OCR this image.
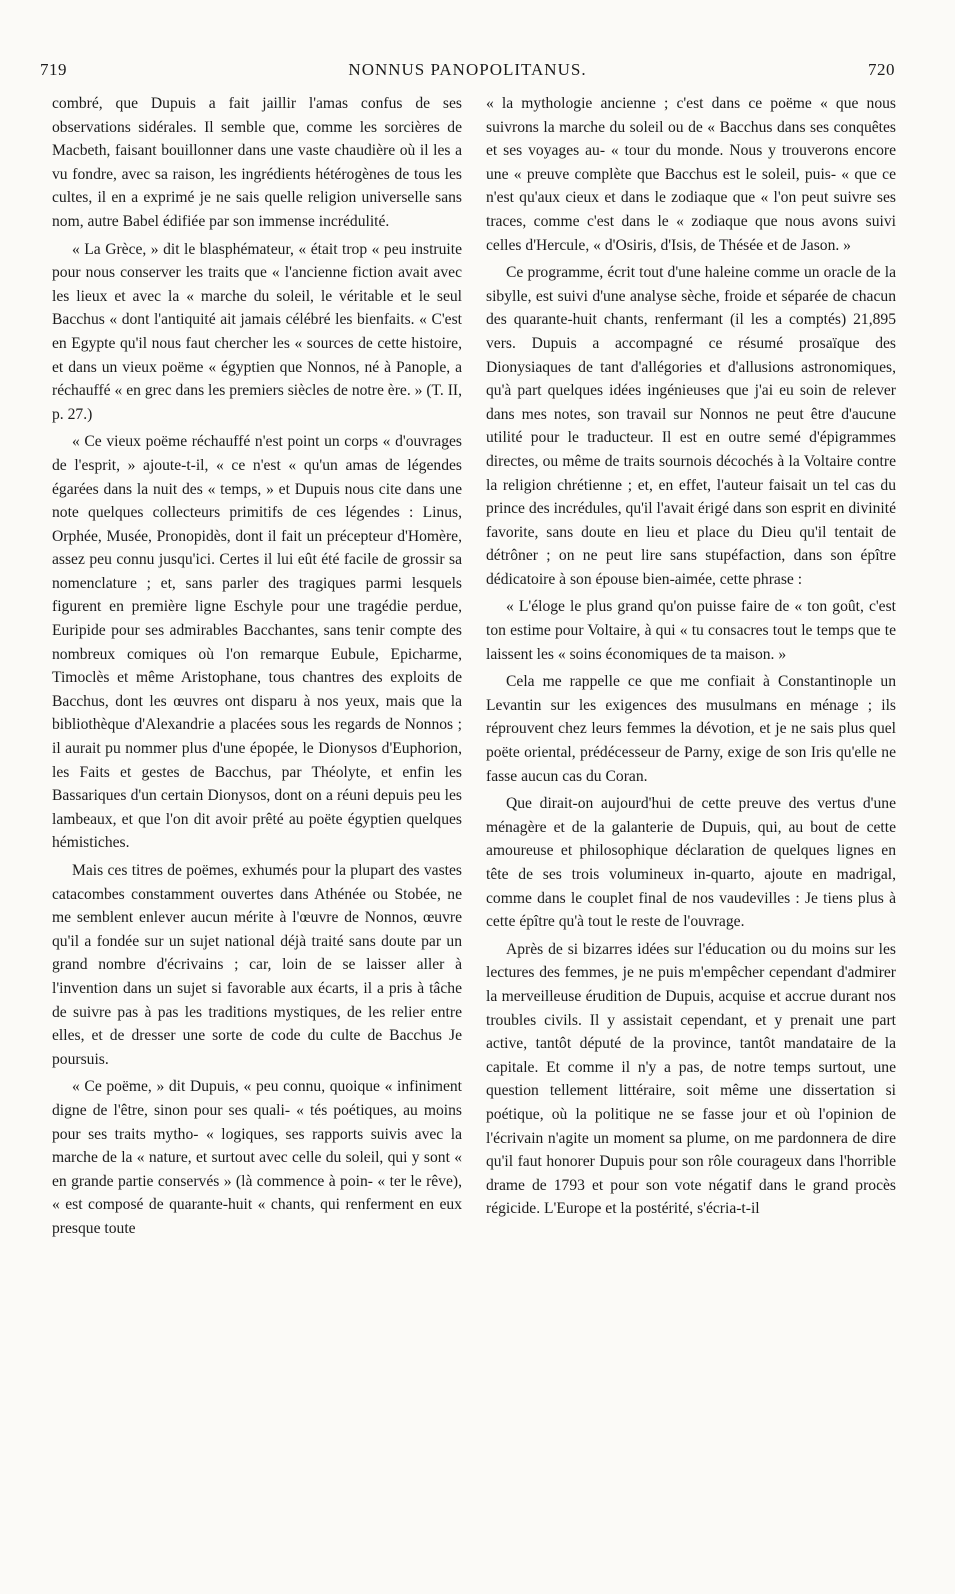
719	NONNUS PANOPOLITANUS.	720

combré, que Dupuis a fait jaillir l'amas confus de ses observations sidérales. Il semble que, comme les sorcières de Macbeth, faisant bouillonner dans une vaste chaudière où il les a vu fondre, avec sa raison, les ingrédients hétérogènes de tous les cultes, il en a exprimé je ne sais quelle religion universelle sans nom, autre Babel édifiée par son immense incrédulité.

« La Grèce, » dit le blasphémateur, « était trop « peu instruite pour nous conserver les traits que « l'ancienne fiction avait avec les lieux et avec la « marche du soleil, le véritable et le seul Bacchus « dont l'antiquité ait jamais célébré les bienfaits. « C'est en Egypte qu'il nous faut chercher les « sources de cette histoire, et dans un vieux poëme « égyptien que Nonnos, né à Panople, a réchauffé « en grec dans les premiers siècles de notre ère. » (T. II, p. 27.)

« Ce vieux poëme réchauffé n'est point un corps « d'ouvrages de l'esprit, » ajoute-t-il, « ce n'est « qu'un amas de légendes égarées dans la nuit des « temps, » et Dupuis nous cite dans une note quelques collecteurs primitifs de ces légendes : Linus, Orphée, Musée, Pronopidès, dont il fait un précepteur d'Homère, assez peu connu jusqu'ici. Certes il lui eût été facile de grossir sa nomenclature ; et, sans parler des tragiques parmi lesquels figurent en première ligne Eschyle pour une tragédie perdue, Euripide pour ses admirables Bacchantes, sans tenir compte des nombreux comiques où l'on remarque Eubule, Epicharme, Timoclès et même Aristophane, tous chantres des exploits de Bacchus, dont les œuvres ont disparu à nos yeux, mais que la bibliothèque d'Alexandrie a placées sous les regards de Nonnos ; il aurait pu nommer plus d'une épopée, le Dionysos d'Euphorion, les Faits et gestes de Bacchus, par Théolyte, et enfin les Bassariques d'un certain Dionysos, dont on a réuni depuis peu les lambeaux, et que l'on dit avoir prêté au poëte égyptien quelques hémistiches.

Mais ces titres de poëmes, exhumés pour la plupart des vastes catacombes constamment ouvertes dans Athénée ou Stobée, ne me semblent enlever aucun mérite à l'œuvre de Nonnos, œuvre qu'il a fondée sur un sujet national déjà traité sans doute par un grand nombre d'écrivains ; car, loin de se laisser aller à l'invention dans un sujet si favorable aux écarts, il a pris à tâche de suivre pas à pas les traditions mystiques, de les relier entre elles, et de dresser une sorte de code du culte de Bacchus Je poursuis.

« Ce poëme, » dit Dupuis, « peu connu, quoique « infiniment digne de l'être, sinon pour ses quali- « tés poétiques, au moins pour ses traits mytho- « logiques, ses rapports suivis avec la marche de la « nature, et surtout avec celle du soleil, qui y sont « en grande partie conservés » (là commence à poin- « ter le rêve), « est composé de quarante-huit « chants, qui renferment en eux presque toute

« la mythologie ancienne ; c'est dans ce poëme « que nous suivrons la marche du soleil ou de « Bacchus dans ses conquêtes et ses voyages au- « tour du monde. Nous y trouverons encore une « preuve complète que Bacchus est le soleil, puis- « que ce n'est qu'aux cieux et dans le zodiaque que « l'on peut suivre ses traces, comme c'est dans le « zodiaque que nous avons suivi celles d'Hercule, « d'Osiris, d'Isis, de Thésée et de Jason. »

Ce programme, écrit tout d'une haleine comme un oracle de la sibylle, est suivi d'une analyse sèche, froide et séparée de chacun des quarante-huit chants, renfermant (il les a comptés) 21,895 vers. Dupuis a accompagné ce résumé prosaïque des Dionysiaques de tant d'allégories et d'allusions astronomiques, qu'à part quelques idées ingénieuses que j'ai eu soin de relever dans mes notes, son travail sur Nonnos ne peut être d'aucune utilité pour le traducteur. Il est en outre semé d'épigrammes directes, ou même de traits sournois décochés à la Voltaire contre la religion chrétienne ; et, en effet, l'auteur faisait un tel cas du prince des incrédules, qu'il l'avait érigé dans son esprit en divinité favorite, sans doute en lieu et place du Dieu qu'il tentait de détrôner ; on ne peut lire sans stupéfaction, dans son épître dédicatoire à son épouse bien-aimée, cette phrase :

« L'éloge le plus grand qu'on puisse faire de « ton goût, c'est ton estime pour Voltaire, à qui « tu consacres tout le temps que te laissent les « soins économiques de ta maison. »

Cela me rappelle ce que me confiait à Constantinople un Levantin sur les exigences des musulmans en ménage ; ils réprouvent chez leurs femmes la dévotion, et je ne sais plus quel poëte oriental, prédécesseur de Parny, exige de son Iris qu'elle ne fasse aucun cas du Coran.

Que dirait-on aujourd'hui de cette preuve des vertus d'une ménagère et de la galanterie de Dupuis, qui, au bout de cette amoureuse et philosophique déclaration de quelques lignes en tête de ses trois volumineux in-quarto, ajoute en madrigal, comme dans le couplet final de nos vaudevilles : Je tiens plus à cette épître qu'à tout le reste de l'ouvrage.

Après de si bizarres idées sur l'éducation ou du moins sur les lectures des femmes, je ne puis m'empêcher cependant d'admirer la merveilleuse érudition de Dupuis, acquise et accrue durant nos troubles civils. Il y assistait cependant, et y prenait une part active, tantôt député de la province, tantôt mandataire de la capitale. Et comme il n'y a pas, de notre temps surtout, une question tellement littéraire, soit même une dissertation si poétique, où la politique ne se fasse jour et où l'opinion de l'écrivain n'agite un moment sa plume, on me pardonnera de dire qu'il faut honorer Dupuis pour son rôle courageux dans l'horrible drame de 1793 et pour son vote négatif dans le grand procès régicide. L'Europe et la postérité, s'écria-t-il
